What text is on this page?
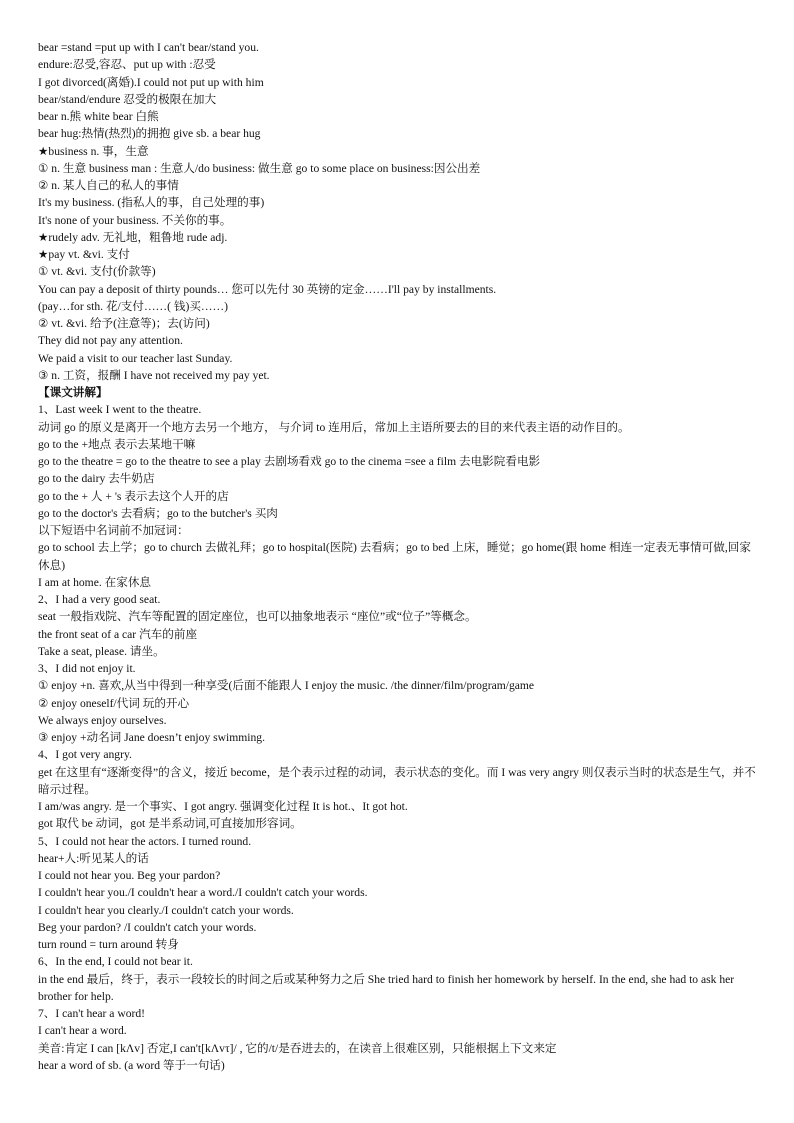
bear =stand =put up with I can't bear/stand you.
endure:忍受,容忍、put up with :忍受
I got divorced(离婚).I could not put up with him
bear/stand/endure 忍受的极限在加大
bear n.熊 white bear 白熊
bear hug:热情(热烈)的拥抱 give sb. a bear hug
★business n. 事，生意
① n. 生意 business man : 生意人/do business: 做生意 go to some place on business:因公出差
② n. 某人自己的私人的事情
It's my business. (指私人的事，自己处理的事)
It's none of your business. 不关你的事。
★rudely adv. 无礼地，粗鲁地 rude adj.
★pay vt. &vi. 支付
① vt. &vi. 支付(价款等)
You can pay a deposit of thirty pounds… 您可以先付 30 英镑的定金……I'll pay by installments.
(pay…for sth. 花/支付……( 钱)买……)
② vt. &vi. 给予(注意等)；去(访问)
They did not pay any attention.
We paid a visit to our teacher last Sunday.
③ n. 工资，报酬 I have not received my pay yet.
【课文讲解】
1、Last week I went to the theatre.
动词 go 的原义是离开一个地方去另一个地方， 与介词 to 连用后，常加上主语所要去的目的来代表主语的动作目的。
go to the +地点 表示去某地干嘛
go to the theatre = go to the theatre to see a play 去剧场看戏 go to the cinema =see a film 去电影院看电影
go to the dairy 去牛奶店
go to the + 人 + 's 表示去这个人开的店
go to the doctor's 去看病；go to the butcher's 买肉
以下短语中名词前不加冠词：
go to school 去上学；go to church 去做礼拜；go to hospital(医院) 去看病；go to bed 上床，睡觉；go home(跟 home 相连一定表无事情可做,回家休息)
I am at home. 在家休息
2、I had a very good seat.
seat 一般指戏院、汽车等配置的固定座位，也可以抽象地表示 “座位”或“位子”等概念。
the front seat of a car 汽车的前座
Take a seat, please. 请坐。
3、I did not enjoy it.
① enjoy +n. 喜欢,从当中得到一种享受(后面不能跟人 I enjoy the music. /the dinner/film/program/game
② enjoy oneself/代词 玩的开心
We always enjoy ourselves.
③ enjoy +动名词 Jane doesn’t enjoy swimming.
4、I got very angry.
get 在这里有“逐渐变得”的含义，接近 become，是个表示过程的动词，表示状态的变化。而 I was very angry 则仅表示当时的状态是生气，并不暗示过程。
I am/was angry. 是一个事实、I got angry. 强调变化过程 It is hot.、It got hot.
got 取代 be 动词，got 是半系动词,可直接加形容词。
5、I could not hear the actors. I turned round.
hear+人:听见某人的话
I could not hear you. Beg your pardon?
I couldn't hear you./I couldn't hear a word./I couldn't catch your words.
I couldn't hear you clearly./I couldn't catch your words.
Beg your pardon? /I couldn't catch your words.
turn round = turn around 转身
6、In the end, I could not bear it.
in the end 最后，终于，表示一段较长的时间之后或某种努力之后 She tried hard to finish her homework by herself. In the end, she had to ask her brother for help.
7、I can't hear a word!
I can't hear a word.
美音:肯定 I can [kΛv] 否定,I can't[kΛvτ]/ , 它的/t/是吞进去的，在读音上很难区别，只能根据上下文来定
hear a word of sb. (a word 等于一句话)
